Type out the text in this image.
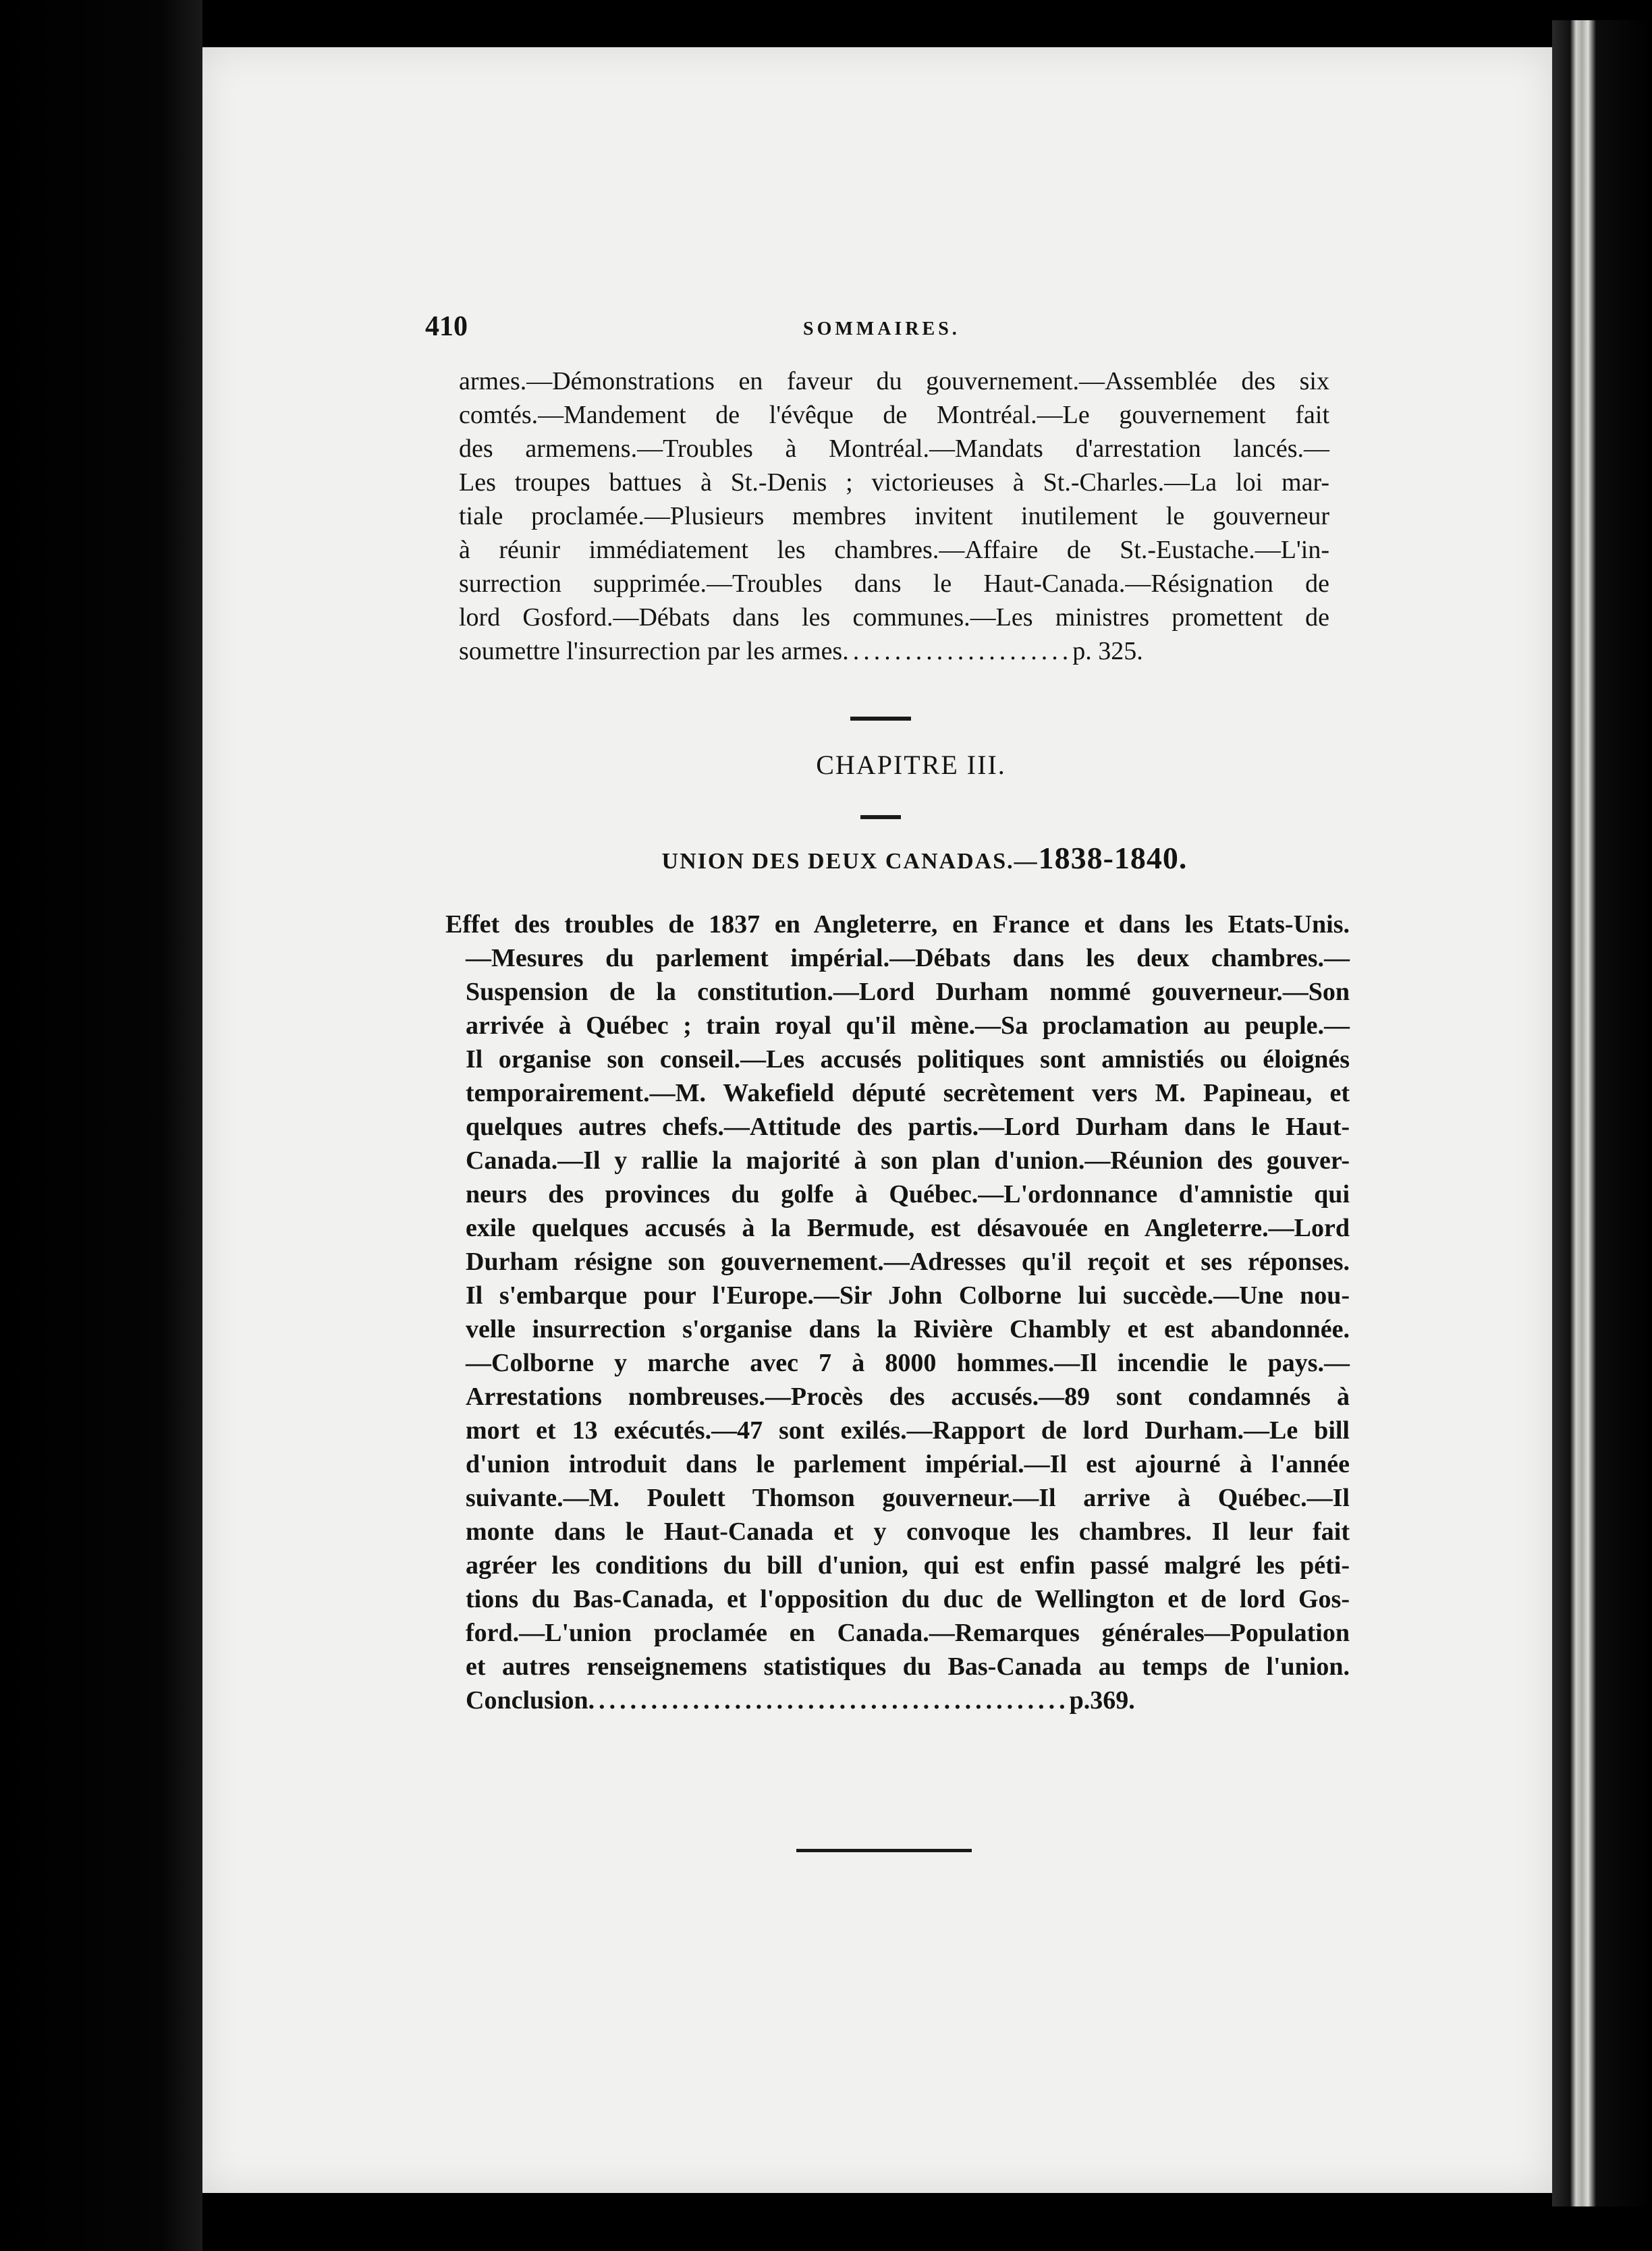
410	SOMMAIRES.
armes.—Démonstrations en faveur du gouvernement.—Assemblée des six
comtés.—Mandement de l'évêque de Montréal.—Le gouvernement fait
des armemens.—Troubles à Montréal.—Mandats d'arrestation lancés.—
Les troupes battues à St.-Denis ; victorieuses à St.-Charles.—La loi mar-
tiale proclamée.—Plusieurs membres invitent inutilement le gouverneur
à réunir immédiatement les chambres.—Affaire de St.-Eustache.—L'in-
surrection supprimée.—Troubles dans le Haut-Canada.—Résignation de
lord Gosford.—Débats dans les communes.—Les ministres promettent de
soumettre l'insurrection par les armes......................p. 325.
CHAPITRE III.
UNION DES DEUX CANADAS.—1838-1840.
Effet des troubles de 1837 en Angleterre, en France et dans les Etats-Unis.
—Mesures du parlement impérial.—Débats dans les deux chambres.—
Suspension de la constitution.—Lord Durham nommé gouverneur.—Son
arrivée à Québec ; train royal qu'il mène.—Sa proclamation au peuple.—
Il organise son conseil.—Les accusés politiques sont amnistiés ou éloignés
temporairement.—M. Wakefield député secrètement vers M. Papineau, et
quelques autres chefs.—Attitude des partis.—Lord Durham dans le Haut-
Canada.—Il y rallie la majorité à son plan d'union.—Réunion des gouver-
neurs des provinces du golfe à Québec.—L'ordonnance d'amnistie qui
exile quelques accusés à la Bermude, est désavouée en Angleterre.—Lord
Durham résigne son gouvernement.—Adresses qu'il reçoit et ses réponses.
Il s'embarque pour l'Europe.—Sir John Colborne lui succède.—Une nou-
velle insurrection s'organise dans la Rivière Chambly et est abandonnée.
—Colborne y marche avec 7 à 8000 hommes.—Il incendie le pays.—
Arrestations nombreuses.—Procès des accusés.—89 sont condamnés à
mort et 13 exécutés.—47 sont exilés.—Rapport de lord Durham.—Le bill
d'union introduit dans le parlement impérial.—Il est ajourné à l'année
suivante.—M. Poulett Thomson gouverneur.—Il arrive à Québec.—Il
monte dans le Haut-Canada et y convoque les chambres. Il leur fait
agréer les conditions du bill d'union, qui est enfin passé malgré les péti-
tions du Bas-Canada, et l'opposition du duc de Wellington et de lord Gos-
ford.—L'union proclamée en Canada.—Remarques générales—Population
et autres renseignemens statistiques du Bas-Canada au temps de l'union.
Conclusion..............................................p.369.
